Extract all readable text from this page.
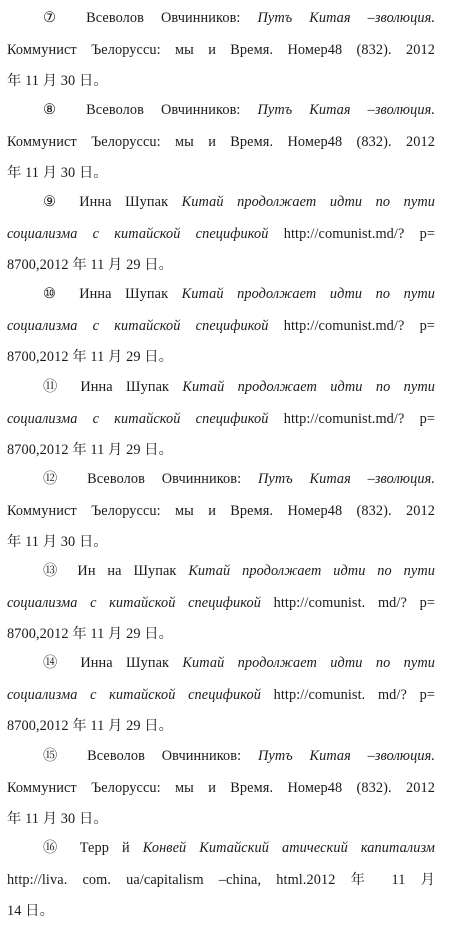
⑦ Всеволов Овчинников: Путъ Китая –зволюция.
Коммунист Ъелоруссu: мы и Время. Номер48 (832). 2012
年 11 月 30 日。
⑧ Всеволов Овчинников: Путъ Китая –зволюция.
Коммунист Ъелоруссu: мы и Время. Номер48 (832). 2012
年 11 月 30 日。
⑨ Инна Шупак Китай продолжает идти по пути
социализма с китайской спецификой http://comunist.md/? p=
8700,2012 年 11 月 29 日。
⑩ Инна Шупак Китай продолжает идти по пути
социализма с китайской спецификой http://comunist.md/? p=
8700,2012 年 11 月 29 日。
⑪ Инна Шупак Китай продолжает идти по пути
социализма с китайской спецификой http://comunist.md/? p=
8700,2012 年 11 月 29 日。
⑫ Всеволов Овчинников: Путъ Китая –зволюция.
Коммунист Ъелоруссu: мы и Время. Номер48 (832). 2012
年 11 月 30 日。
⑬ Ин на Шупак Китай продолжает идти по пути
социализма с китайской спецификой http://comunist. md/? p=
8700,2012 年 11 月 29 日。
⑭ Инна Шупак Китай продолжает идти по пути
социализма с китайской спецификой http://comunist. md/? p=
8700,2012 年 11 月 29 日。
⑮ Всеволов Овчинников: Путъ Китая –зволюция.
Коммунист Ъелоруссu: мы и Время. Номер48 (832). 2012
年 11 月 30 日。
⑯ Терр й Конвей Китайский атический капитализм
http://liva. com. ua/capitalism –china, html.2012 年 11 月
14 日。
